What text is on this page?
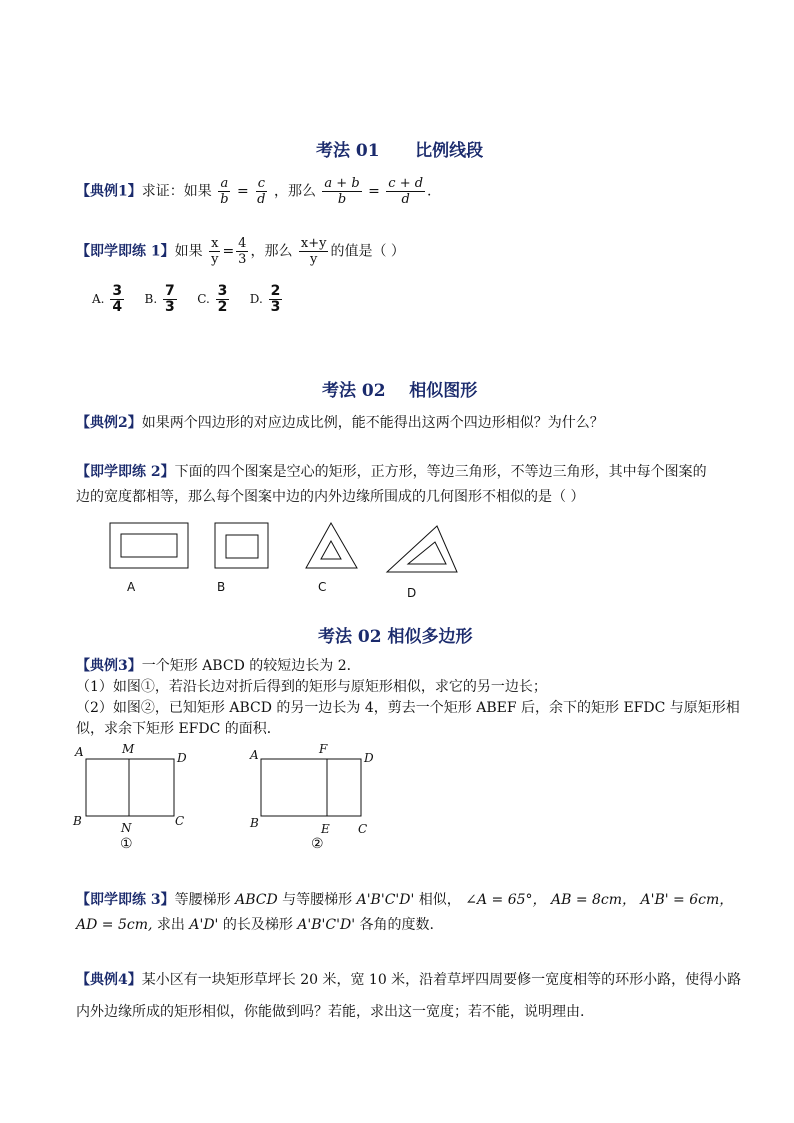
考法 01      比例线段
【典例1】求证：如果 $\frac{a}{b} = \frac{c}{d}$ ，那么 $\frac{a + b}{b} = \frac{c + d}{d}$ .
【即学即练 1】如果 $\frac{x}{y} = \frac{4}{3}$ ，那么 $\frac{x+y}{y}$ 的值是（ ）
A. $\frac{3}{4} B$. $\frac{7}{3} C$. $\frac{3}{2} D$. $\frac{2}{3}$
考法 02    相似图形
【典例2】如果两个四边形的对应边成比例，能不能得出这两个四边形相似？为什么？
【即学即练 2】下面的四个图案是空心的矩形，正方形，等边三角形，不等边三角形，其中每个图案的
边的宽度都相等，那么每个图案中边的内外边缘所围成的几何图形不相似的是（ ）
A	B	C	D
考法 02 相似多边形
【典例3】一个矩形 ABCD 的较短边长为 2．
（1）如图①，若沿长边对折后得到的矩形与原矩形相似，求它的另一边长；
（2）如图②，已知矩形 ABCD 的另一边长为 4，剪去一个矩形 ABEF 后，余下的矩形 EFDC 与原矩形相
似，求余下矩形 EFDC 的面积．
A	M
D
B	N	C
①
A	F
D
B	E C
②
【即学即练 3】等腰梯形 ABCD 与等腰梯形 A'B'C'D' 相似， ∠A = 65°， AB = 8cm， A'B' = 6cm，
AD = 5cm, 求出 A'D' 的长及梯形 A'B'C'D' 各角的度数.
【典例4】某小区有一块矩形草坪长 20 米，宽 10 米，沿着草坪四周要修一宽度相等的环形小路，使得小路
内外边缘所成的矩形相似，你能做到吗？若能，求出这一宽度；若不能，说明理由.
